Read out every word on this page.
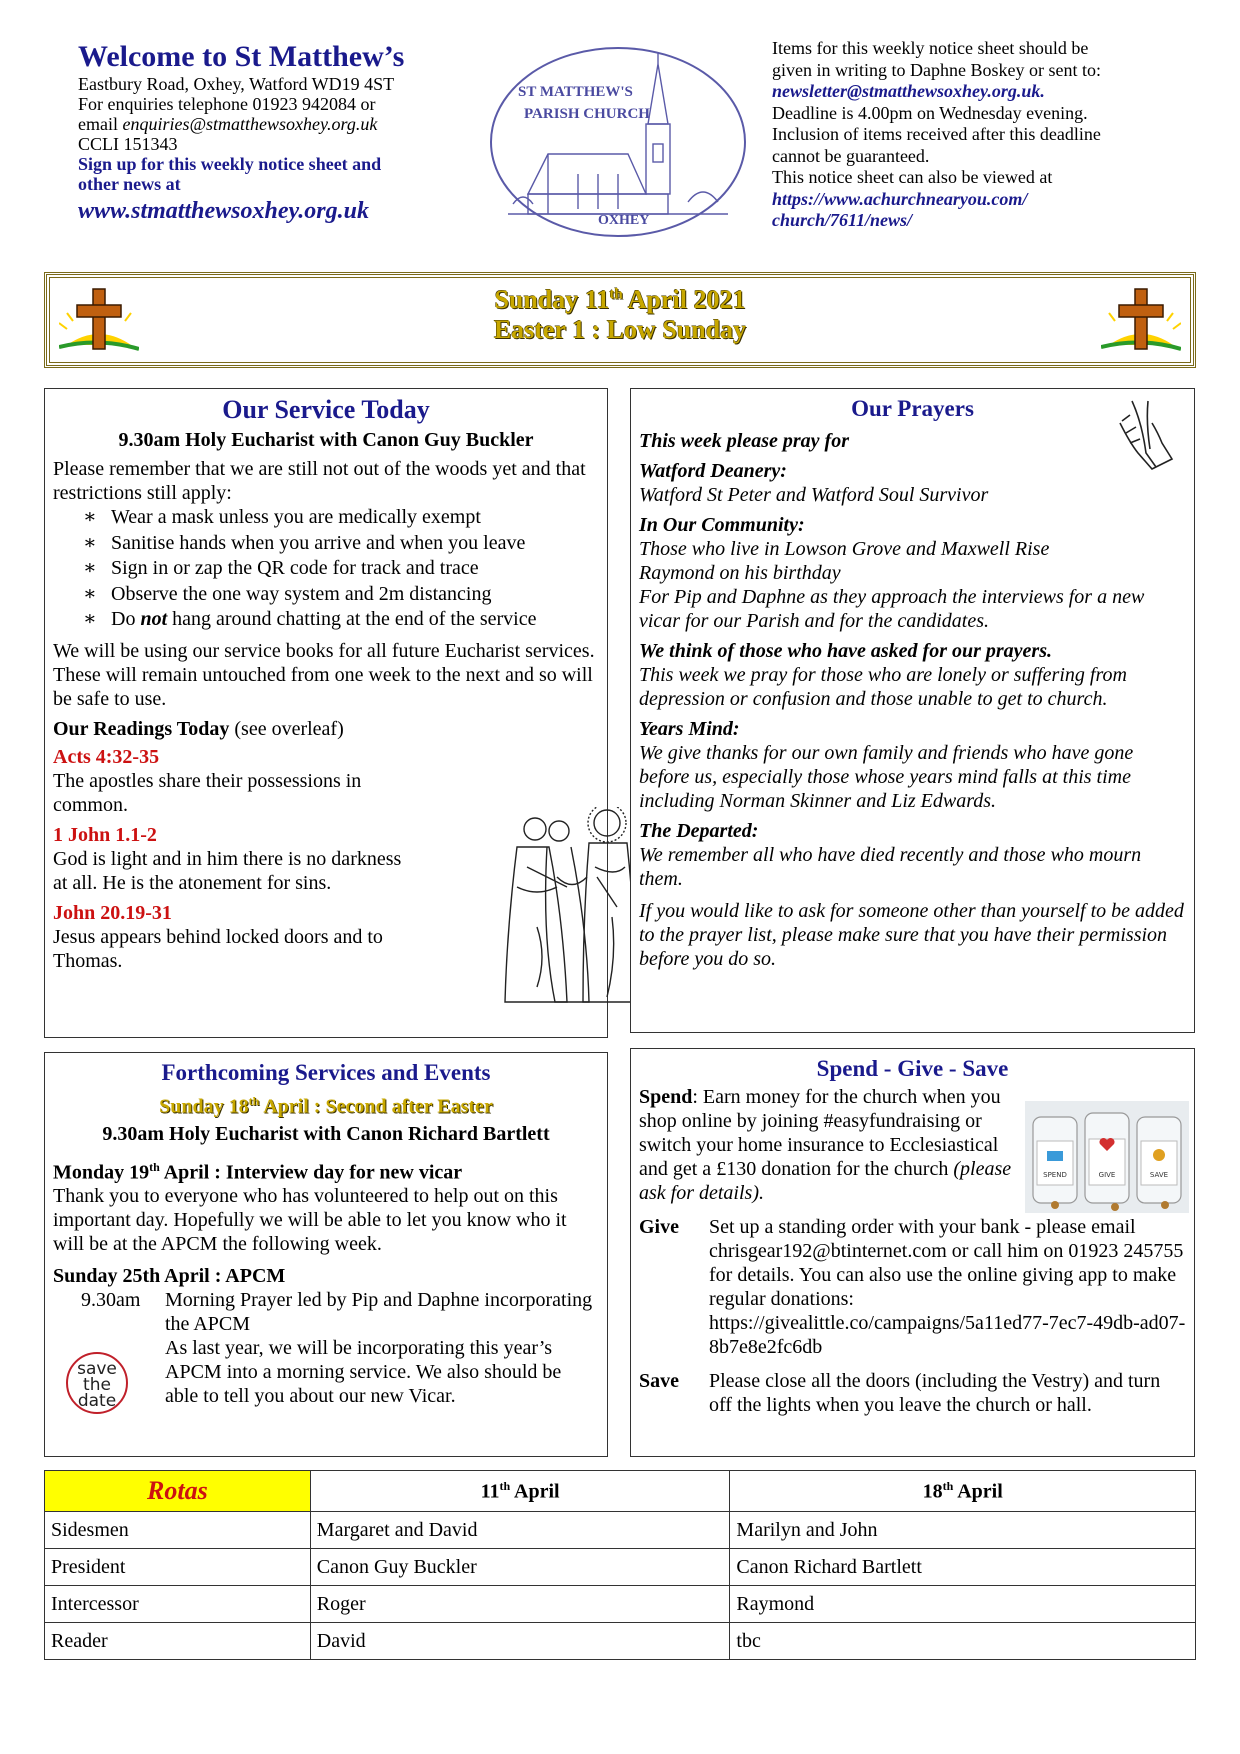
Welcome to St Matthew’s
Eastbury Road, Oxhey, Watford WD19 4ST
For enquiries telephone 01923 942084 or
email enquiries@stmatthewsoxhey.org.uk
CCLI 151343
Sign up for this weekly notice sheet and
other news at
www.stmatthewsoxhey.org.uk
ST MATTHEW'S
PARISH CHURCH
OXHEY
Items for this weekly notice sheet should be
given in writing to Daphne Boskey or sent to:
newsletter@stmatthewsoxhey.org.uk.
Deadline is 4.00pm on Wednesday evening.
Inclusion of items received after this deadline
cannot be guaranteed.
This notice sheet can also be viewed at
https://www.achurchnearyou.com/
church/7611/news/
Sunday 11th April 2021
Easter 1 : Low Sunday
Our Service Today
9.30am Holy Eucharist with Canon Guy Buckler
Please remember that we are still not out of the woods yet and that restrictions still apply:
∗ Wear a mask unless you are medically exempt
∗ Sanitise hands when you arrive and when you leave
∗ Sign in or zap the QR code for track and trace
∗ Observe the one way system and 2m distancing
∗ Do not hang around chatting at the end of the service
We will be using our service books for all future Eucharist services. These will remain untouched from one week to the next and so will be safe to use.
Our Readings Today (see overleaf)
Acts 4:32-35
The apostles share their possessions in common.
1 John 1.1-2
God is light and in him there is no darkness at all. He is the atonement for sins.
John 20.19-31
Jesus appears behind locked doors and to Thomas.
Our Prayers
This week please pray for
Watford Deanery:
Watford St Peter and Watford Soul Survivor
In Our Community:
Those who live in Lowson Grove and Maxwell Rise
Raymond on his birthday
For Pip and Daphne as they approach the interviews for a new vicar for our Parish and for the candidates.
We think of those who have asked for our prayers.
This week we pray for those who are lonely or suffering from depression or confusion and those unable to get to church.
Years Mind:
We give thanks for our own family and friends who have gone before us, especially those whose years mind falls at this time including Norman Skinner and Liz Edwards.
The Departed:
We remember all who have died recently and those who mourn them.
If you would like to ask for someone other than yourself to be added to the prayer list, please make sure that you have their permission before you do so.
Forthcoming Services and Events
Sunday 18th April : Second after Easter
9.30am Holy Eucharist with Canon Richard Bartlett
Monday 19th April : Interview day for new vicar
Thank you to everyone who has volunteered to help out on this important day. Hopefully we will be able to let you know who it will be at the APCM the following week.
Sunday 25th April : APCM
9.30am	Morning Prayer led by Pip and Daphne incorporating the APCM
As last year, we will be incorporating this year’s APCM into a morning service. We also should be able to tell you about our new Vicar.
save
the
date
Spend - Give - Save
Spend: Earn money for the church when you shop online by joining #easyfundraising or switch your home insurance to Ecclesiastical and get a £130 donation for the church (please ask for details).
SPEND	GIVE	SAVE
Give	Set up a standing order with your bank - please email chrisgear192@btinternet.com or call him on 01923 245755 for details. You can also use the online giving app to make regular donations: https://givealittle.co/campaigns/5a11ed77-7ec7-49db-ad07-8b7e8e2fc6db
Save	Please close all the doors (including the Vestry) and turn off the lights when you leave the church or hall.
Rotas	11th April	18th April
Sidesmen	Margaret and David	Marilyn and John
President	Canon Guy Buckler	Canon Richard Bartlett
Intercessor	Roger	Raymond
Reader	David	tbc
